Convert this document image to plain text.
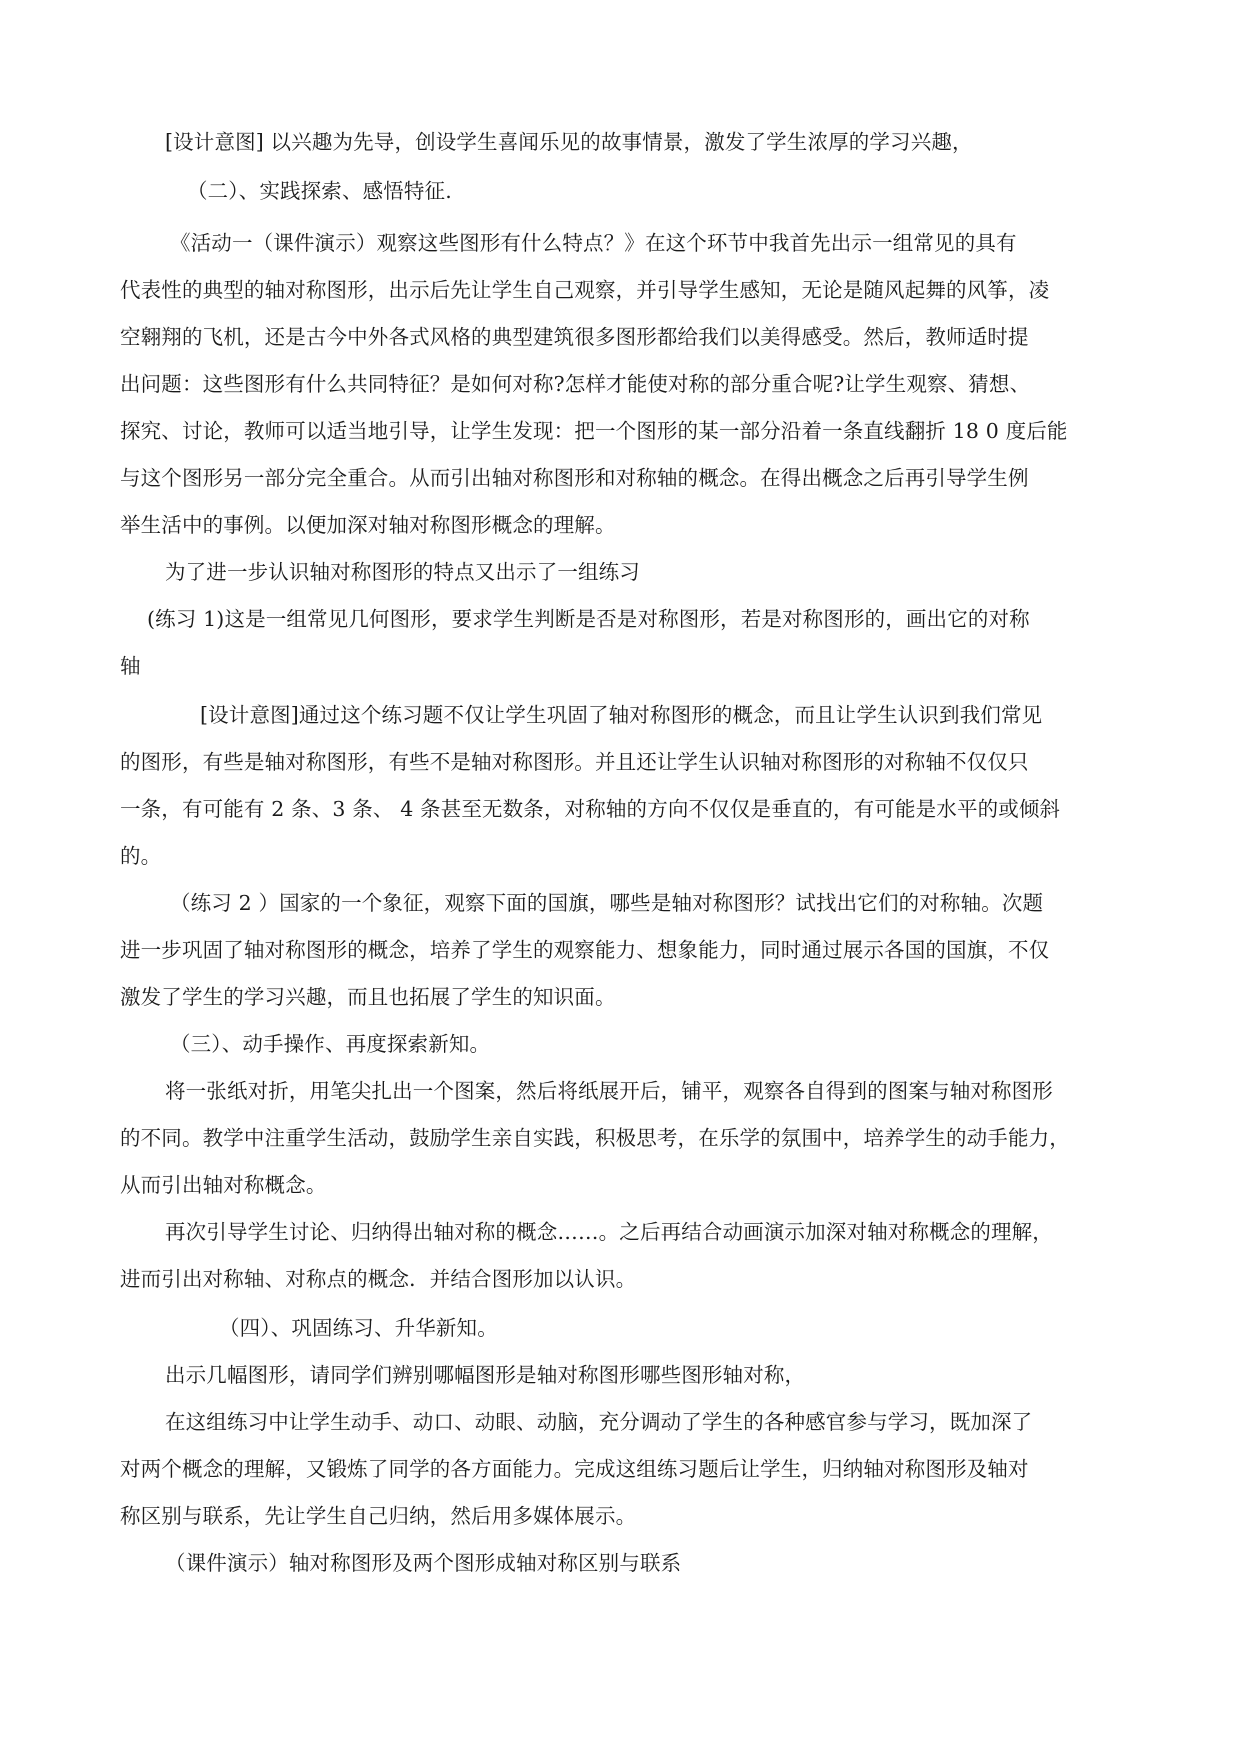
[设计意图] 以兴趣为先导，创设学生喜闻乐见的故事情景，激发了学生浓厚的学习兴趣，

（二）、实践探索、感悟特征.

《活动一（课件演示）观察这些图形有什么特点？》在这个环节中我首先出示一组常见的具有

代表性的典型的轴对称图形，出示后先让学生自己观察，并引导学生感知，无论是随风起舞的风筝，凌

空翱翔的飞机，还是古今中外各式风格的典型建筑很多图形都给我们以美得感受。然后，教师适时提

出问题：这些图形有什么共同特征？是如何对称?怎样才能使对称的部分重合呢?让学生观察、猜想、

探究、讨论，教师可以适当地引导，让学生发现：把一个图形的某一部分沿着一条直线翻折 18 0 度后能

与这个图形另一部分完全重合。从而引出轴对称图形和对称轴的概念。在得出概念之后再引导学生例

举生活中的事例。以便加深对轴对称图形概念的理解。

为了进一步认识轴对称图形的特点又出示了一组练习

(练习 1)这是一组常见几何图形，要求学生判断是否是对称图形，若是对称图形的，画出它的对称

轴

[设计意图]通过这个练习题不仅让学生巩固了轴对称图形的概念，而且让学生认识到我们常见

的图形，有些是轴对称图形，有些不是轴对称图形。并且还让学生认识轴对称图形的对称轴不仅仅只

一条，有可能有 2 条、3 条、 4 条甚至无数条，对称轴的方向不仅仅是垂直的，有可能是水平的或倾斜

的。

（练习 2 ）国家的一个象征，观察下面的国旗，哪些是轴对称图形？试找出它们的对称轴。次题

进一步巩固了轴对称图形的概念，培养了学生的观察能力、想象能力，同时通过展示各国的国旗，不仅

激发了学生的学习兴趣，而且也拓展了学生的知识面。

（三）、动手操作、再度探索新知。

将一张纸对折，用笔尖扎出一个图案，然后将纸展开后，铺平，观察各自得到的图案与轴对称图形

的不同。教学中注重学生活动，鼓励学生亲自实践，积极思考，在乐学的氛围中，培养学生的动手能力，

从而引出轴对称概念。

再次引导学生讨论、归纳得出轴对称的概念……。之后再结合动画演示加深对轴对称概念的理解，

进而引出对称轴、对称点的概念．并结合图形加以认识。

（四）、巩固练习、升华新知。

出示几幅图形，请同学们辨别哪幅图形是轴对称图形哪些图形轴对称，

在这组练习中让学生动手、动口、动眼、动脑，充分调动了学生的各种感官参与学习，既加深了

对两个概念的理解，又锻炼了同学的各方面能力。完成这组练习题后让学生，归纳轴对称图形及轴对

称区别与联系，先让学生自己归纳，然后用多媒体展示。

（课件演示）轴对称图形及两个图形成轴对称区别与联系
